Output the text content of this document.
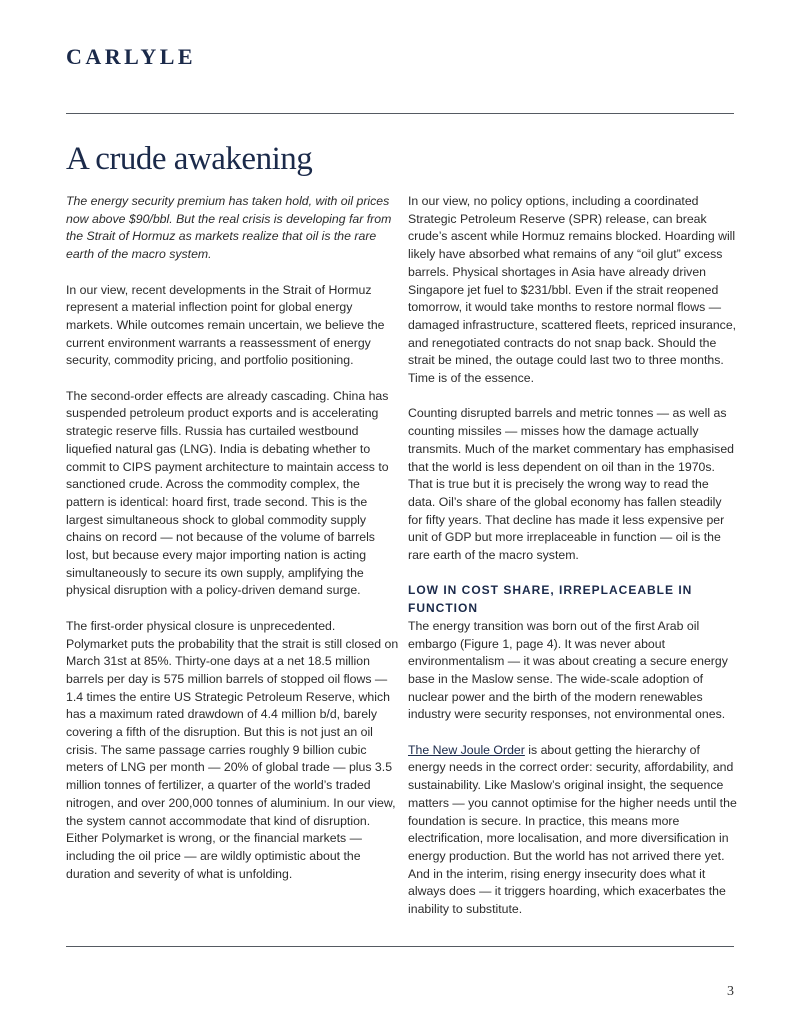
CARLYLE
A crude awakening

The energy security premium has taken hold, with oil prices now above $90/bbl. But the real crisis is developing far from the Strait of Hormuz as markets realize that oil is the rare earth of the macro system.

In our view, recent developments in the Strait of Hormuz represent a material inflection point for global energy markets. While outcomes remain uncertain, we believe the current environment warrants a reassessment of energy security, commodity pricing, and portfolio positioning.

The second-order effects are already cascading. China has suspended petroleum product exports and is accelerating strategic reserve fills. Russia has curtailed westbound liquefied natural gas (LNG). India is debating whether to commit to CIPS payment architecture to maintain access to sanctioned crude. Across the commodity complex, the pattern is identical: hoard first, trade second. This is the largest simultaneous shock to global commodity supply chains on record — not because of the volume of barrels lost, but because every major importing nation is acting simultaneously to secure its own supply, amplifying the physical disruption with a policy-driven demand surge.

The first-order physical closure is unprecedented. Polymarket puts the probability that the strait is still closed on March 31st at 85%. Thirty-one days at a net 18.5 million barrels per day is 575 million barrels of stopped oil flows — 1.4 times the entire US Strategic Petroleum Reserve, which has a maximum rated drawdown of 4.4 million b/d, barely covering a fifth of the disruption. But this is not just an oil crisis. The same passage carries roughly 9 billion cubic meters of LNG per month — 20% of global trade — plus 3.5 million tonnes of fertilizer, a quarter of the world’s traded nitrogen, and over 200,000 tonnes of aluminium. In our view, the system cannot accommodate that kind of disruption. Either Polymarket is wrong, or the financial markets — including the oil price — are wildly optimistic about the duration and severity of what is unfolding.

In our view, no policy options, including a coordinated Strategic Petroleum Reserve (SPR) release, can break crude’s ascent while Hormuz remains blocked. Hoarding will likely have absorbed what remains of any “oil glut” excess barrels. Physical shortages in Asia have already driven Singapore jet fuel to $231/bbl. Even if the strait reopened tomorrow, it would take months to restore normal flows — damaged infrastructure, scattered fleets, repriced insurance, and renegotiated contracts do not snap back. Should the strait be mined, the outage could last two to three months. Time is of the essence.

Counting disrupted barrels and metric tonnes — as well as counting missiles — misses how the damage actually transmits. Much of the market commentary has emphasised that the world is less dependent on oil than in the 1970s. That is true but it is precisely the wrong way to read the data. Oil’s share of the global economy has fallen steadily for fifty years. That decline has made it less expensive per unit of GDP but more irreplaceable in function — oil is the rare earth of the macro system.

LOW IN COST SHARE, IRREPLACEABLE IN FUNCTION

The energy transition was born out of the first Arab oil embargo (Figure 1, page 4). It was never about environmentalism — it was about creating a secure energy base in the Maslow sense. The wide-scale adoption of nuclear power and the birth of the modern renewables industry were security responses, not environmental ones.

The New Joule Order is about getting the hierarchy of energy needs in the correct order: security, affordability, and sustainability. Like Maslow’s original insight, the sequence matters — you cannot optimise for the higher needs until the foundation is secure. In practice, this means more electrification, more localisation, and more diversification in energy production. But the world has not arrived there yet. And in the interim, rising energy insecurity does what it always does — it triggers hoarding, which exacerbates the inability to substitute.

3
